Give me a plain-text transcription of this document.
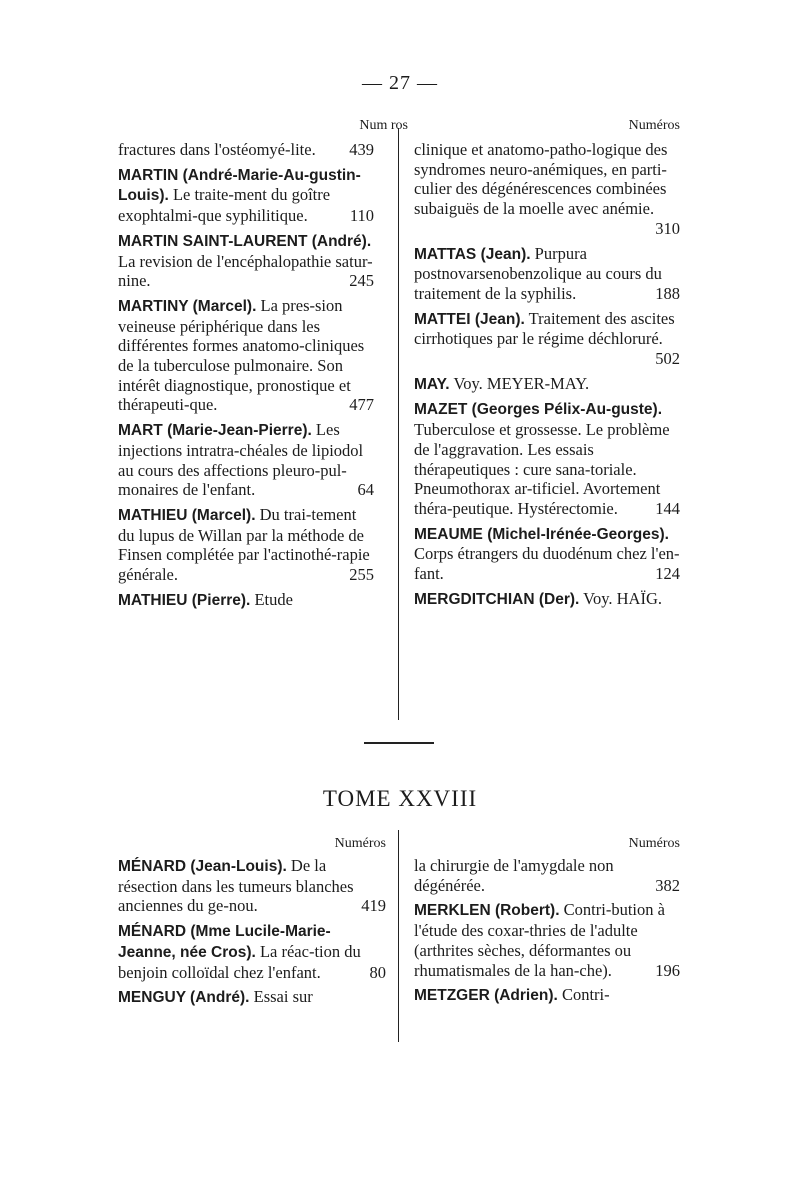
— 27 —
Num ros	Numéros
fractures dans l'ostéomyé-lite. 439
MARTIN (André-Marie-Au-gustin-Louis). Le traite-ment du goître exophtalmi-que syphilitique.	110
MARTIN SAINT-LAURENT (André). La revision de l'encéphalopathie satur-nine.	245
MARTINY (Marcel). La pres-sion veineuse périphérique dans les différentes formes anatomo-cliniques de la tuberculose pulmonaire. Son intérêt diagnostique, pronostique et thérapeuti-que.	477
MART (Marie-Jean-Pierre). Les injections intratra-chéales de lipiodol au cours des affections pleuro-pul-monaires de l'enfant.	64
MATHIEU (Marcel). Du trai-tement du lupus de Willan par la méthode de Finsen complétée par l'actinothé-rapie générale.	255
MATHIEU (Pierre). Etude
clinique et anatomo-patho-logique des syndromes neuro-anémiques, en parti-culier des dégénérescences combinées subaiguës de la moelle avec anémie.
310
MATTAS (Jean). Purpura postnovarsenobenzolique au cours du traitement de la syphilis.	188
MATTEI (Jean). Traitement des ascites cirrhotiques par le régime déchloruré.
502
MAY. Voy. MEYER-MAY.
MAZET (Georges Pélix-Au-guste). Tuberculose et grossesse. Le problème de l'aggravation. Les essais thérapeutiques : cure sana-toriale. Pneumothorax ar-tificiel. Avortement théra-peutique. Hystérectomie. 144
MEAUME (Michel-Irénée-Georges). Corps étrangers du duodénum chez l'en-fant.	124
MERGDITCHIAN (Der). Voy. HAÏG.
TOME XXVIII
Numéros	Numéros
MÉNARD (Jean-Louis). De la résection dans les tumeurs blanches anciennes du ge-nou.	419
MÉNARD (Mme Lucile-Marie-Jeanne, née Cros). La réac-tion du benjoin colloïdal chez l'enfant.	80
MENGUY (André). Essai sur
la chirurgie de l'amygdale non dégénérée.	382
MERKLEN (Robert). Contri-bution à l'étude des coxar-thries de l'adulte (arthrites sèches, déformantes ou rhumatismales de la han-che).	196
METZGER (Adrien). Contri-
